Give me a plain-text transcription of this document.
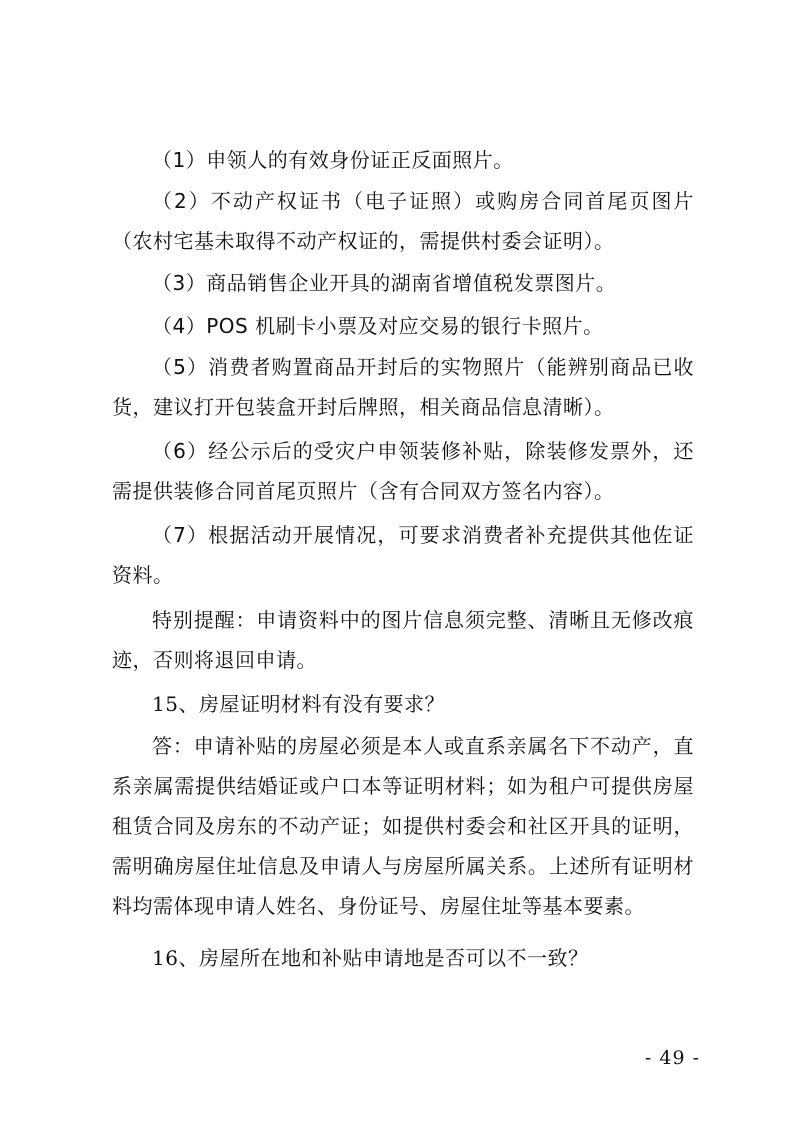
（1）申领人的有效身份证正反面照片。

（2）不动产权证书（电子证照）或购房合同首尾页图片（农村宅基未取得不动产权证的，需提供村委会证明）。

（3）商品销售企业开具的湖南省增值税发票图片。

（4）POS 机刷卡小票及对应交易的银行卡照片。

（5）消费者购置商品开封后的实物照片（能辨别商品已收货，建议打开包装盒开封后牌照，相关商品信息清晰）。

（6）经公示后的受灾户申领装修补贴，除装修发票外，还需提供装修合同首尾页照片（含有合同双方签名内容）。

（7）根据活动开展情况，可要求消费者补充提供其他佐证资料。

特别提醒：申请资料中的图片信息须完整、清晰且无修改痕迹，否则将退回申请。

15、房屋证明材料有没有要求？

答：申请补贴的房屋必须是本人或直系亲属名下不动产，直系亲属需提供结婚证或户口本等证明材料；如为租户可提供房屋租赁合同及房东的不动产证；如提供村委会和社区开具的证明，需明确房屋住址信息及申请人与房屋所属关系。上述所有证明材料均需体现申请人姓名、身份证号、房屋住址等基本要素。

16、房屋所在地和补贴申请地是否可以不一致？

- 49 -
